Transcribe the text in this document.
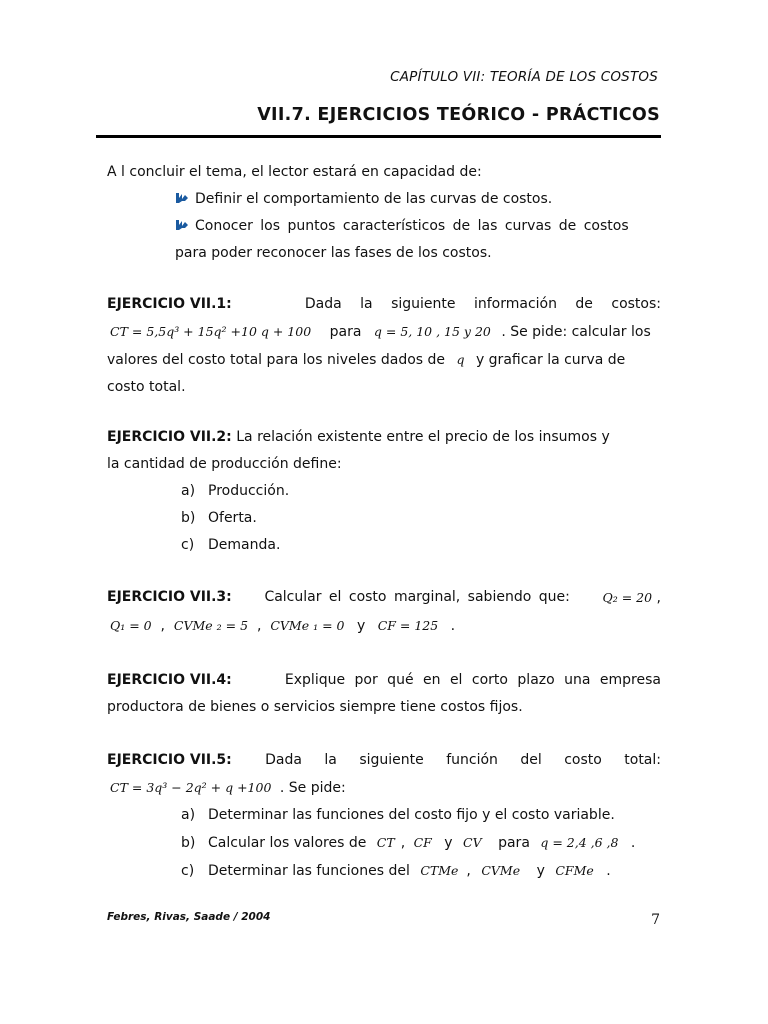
CAPÍTULO VII: TEORÍA DE LOS COSTOS
VII.7. EJERCICIOS TEÓRICO - PRÁCTICOS
A l concluir el tema, el lector estará en capacidad de:
Definir el comportamiento de las curvas de costos.
Conocer los puntos característicos de las curvas de costos
para poder reconocer las fases de los costos.
EJERCICIO VII.1:	Dada la siguiente información de costos:
CT = 5,5q³ + 15q² +10 q + 100 para q = 5, 10 , 15 y 20 . Se pide: calcular los
valores del costo total para los niveles dados de q y graficar la curva de
costo total.
EJERCICIO VII.2: La relación existente entre el precio de los insumos y
la cantidad de producción define:
a) Producción.
b) Oferta.
c) Demanda.
EJERCICIO VII.3: Calcular el costo marginal, sabiendo que:	Q₂ = 20 ,
Q₁ = 0  ,  CVMe ₂ = 5  ,  CVMe ₁ = 0 y CF = 125 .
EJERCICIO VII.4:	Explique por qué en el corto plazo una empresa
productora de bienes o servicios siempre tiene costos fijos.
EJERCICIO VII.5: Dada la siguiente función del costo total:
CT = 3q³ − 2q² + q +100 . Se pide:
a) Determinar las funciones del costo fijo y el costo variable.
b) Calcular los valores de CT , CF y CV para q = 2,4 ,6 ,8 .
c) Determinar las funciones del CTMe , CVMe y CFMe .
Febres, Rivas, Saade / 2004	7
